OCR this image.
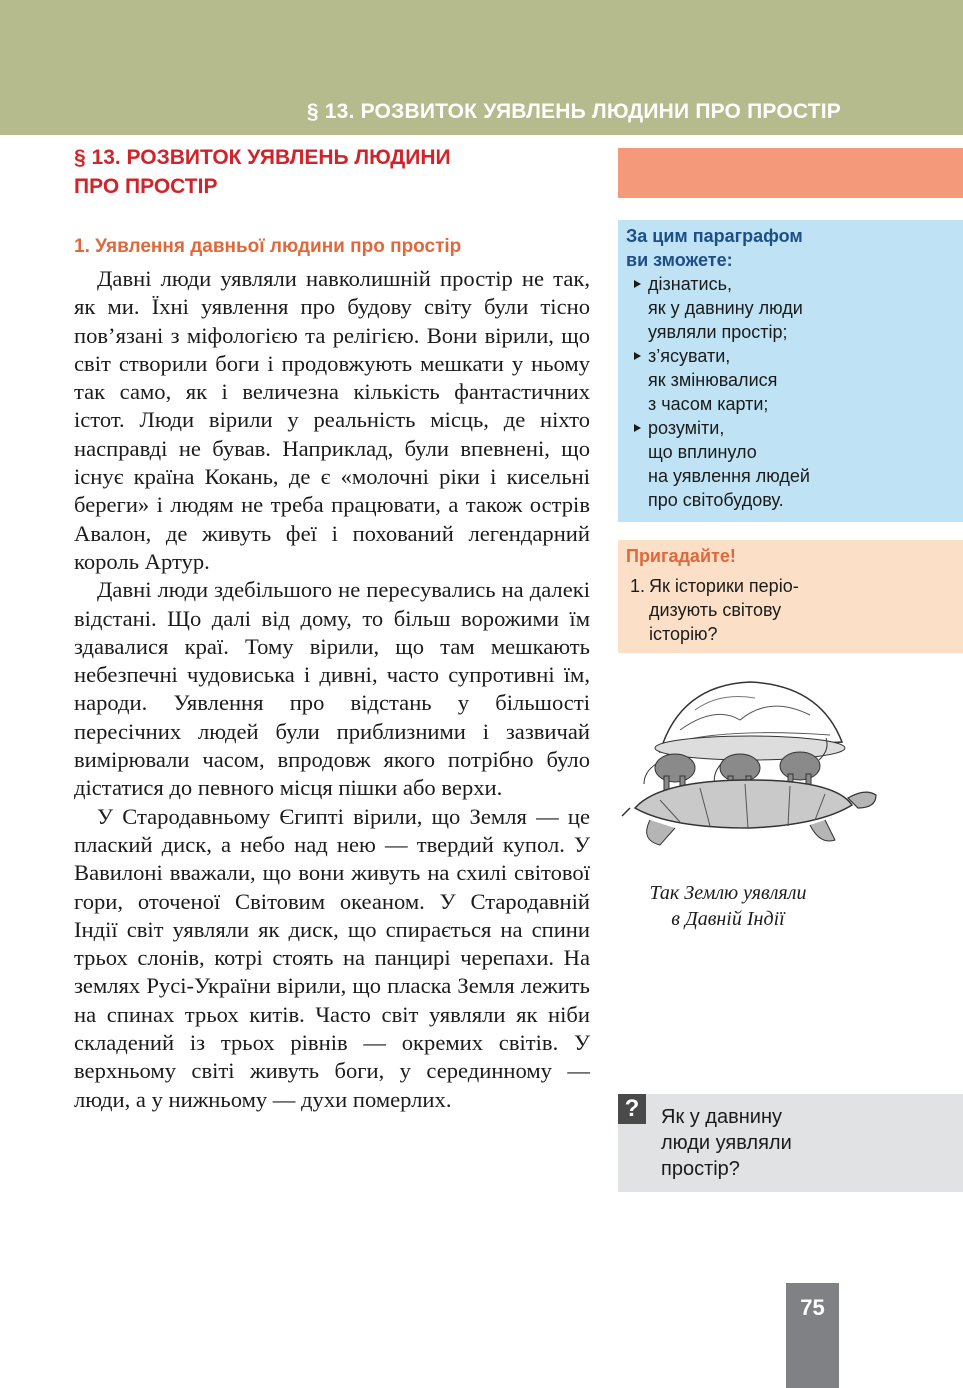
§ 13. РОЗВИТОК УЯВЛЕНЬ ЛЮДИНИ ПРО ПРОСТІР
§ 13. РОЗВИТОК УЯВЛЕНЬ ЛЮДИНИ
ПРО ПРОСТІР
1. Уявлення давньої людини про простір

Давні люди уявляли навколишній простір не так, як ми. Їхні уявлення про будову світу були тісно пов’язані з міфологією та релігією. Вони вірили, що світ створили боги і продовжують мешкати у ньому так само, як і величезна кількість фантастичних істот. Люди вірили у реальність місць, де ніхто насправді не бував. Наприклад, були впевнені, що існує країна Кокань, де є «молочні ріки і кисельні береги» і людям не треба працювати, а також острів Авалон, де живуть феї і похований легендарний король Артур.

Давні люди здебільшого не пересувались на далекі відстані. Що далі від дому, то більш ворожими їм здавалися краї. Тому вірили, що там мешкають небезпечні чудовиська і дивні, часто супротивні їм, народи. Уявлення про відстань у більшості пересічних людей були приблизними і зазвичай вимірювали часом, впродовж якого потрібно було дістатися до певного місця пішки або верхи.

У Стародавньому Єгипті вірили, що Земля — це плаский диск, а небо над нею — твердий купол. У Вавилоні вважали, що вони живуть на схилі світової гори, оточеної Світовим океаном. У Стародавній Індії світ уявляли як диск, що спирається на спини трьох слонів, котрі стоять на панцирі черепахи. На землях Русі-України вірили, що пласка Земля лежить на спинах трьох китів. Часто світ уявляли як ніби складений із трьох рівнів — окремих світів. У верхньому світі живуть боги, у серединному — люди, а у нижньому — духи померлих.

За цим параграфом
ви зможете:
дізнатись,
як у давнину люди
уявляли простір;
з’ясувати,
як змінювалися
з часом карти;
розуміти,
що вплинуло
на уявлення людей
про світобудову.
Пригадайте!
1. Як історики періо-
дизують світову
історію?
Так Землю уявляли
в Давній Індії
?	Як у давнину
люди уявляли
простір?
75
